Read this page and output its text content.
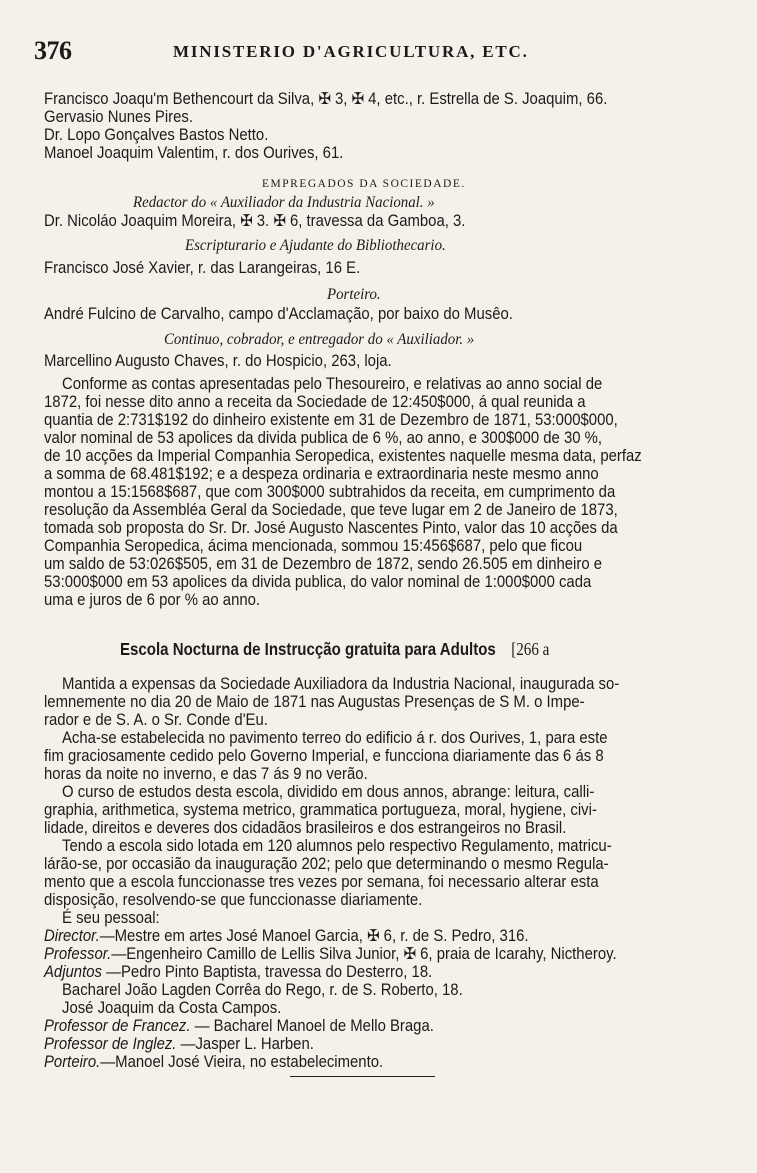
376	MINISTERIO D'AGRICULTURA, ETC.
Francisco Joaqu'm Bethencourt da Silva, ✠ 3, ✠ 4, etc., r. Estrella de S. Joaquim, 66.
Gervasio Nunes Pires.
Dr. Lopo Gonçalves Bastos Netto.
Manoel Joaquim Valentim, r. dos Ourives, 61.
EMPREGADOS DA SOCIEDADE.
Redactor do « Auxiliador da Industria Nacional. »
Dr. Nicoláo Joaquim Moreira, ✠ 3. ✠ 6, travessa da Gamboa, 3.
Escripturario e Ajudante do Bibliothecario.
Francisco José Xavier, r. das Larangeiras, 16 E.
Porteiro.
André Fulcino de Carvalho, campo d'Acclamação, por baixo do Musêo.
Continuo, cobrador, e entregador do « Auxiliador. »
Marcellino Augusto Chaves, r. do Hospicio, 263, loja.
Conforme as contas apresentadas pelo Thesoureiro, e relativas ao anno social de
1872, foi nesse dito anno a receita da Sociedade de 12:450$000, á qual reunida a
quantia de 2:731$192 do dinheiro existente em 31 de Dezembro de 1871, 53:000$000,
valor nominal de 53 apolices da divida publica de 6 %, ao anno, e 300$000 de 30 %,
de 10 acções da Imperial Companhia Seropedica, existentes naquelle mesma data, perfaz
a somma de 68.481$192; e a despeza ordinaria e extraordinaria neste mesmo anno
montou a 15:1568$687, que com 300$000 subtrahidos da receita, em cumprimento da
resolução da Assembléa Geral da Sociedade, que teve lugar em 2 de Janeiro de 1873,
tomada sob proposta do Sr. Dr. José Augusto Nascentes Pinto, valor das 10 acções da
Companhia Seropedica, ácima mencionada, sommou 15:456$687, pelo que ficou
um saldo de 53:026$505, em 31 de Dezembro de 1872, sendo 26.505 em dinheiro e
53:000$000 em 53 apolices da divida publica, do valor nominal de 1:000$000 cada
uma e juros de 6 por % ao anno.
Escola Nocturna de Instrucção gratuita para Adultos [266 a
Mantida a expensas da Sociedade Auxiliadora da Industria Nacional, inaugurada so-
lemnemente no dia 20 de Maio de 1871 nas Augustas Presenças de S M. o Impe-
rador e de S. A. o Sr. Conde d'Eu.
Acha-se estabelecida no pavimento terreo do edificio á r. dos Ourives, 1, para este
fim graciosamente cedido pelo Governo Imperial, e funcciona diariamente das 6 ás 8
horas da noite no inverno, e das 7 ás 9 no verão.
O curso de estudos desta escola, dividido em dous annos, abrange: leitura, calli-
graphia, arithmetica, systema metrico, grammatica portugueza, moral, hygiene, civi-
lidade, direitos e deveres dos cidadãos brasileiros e dos estrangeiros no Brasil.
Tendo a escola sido lotada em 120 alumnos pelo respectivo Regulamento, matricu-
lárão-se, por occasião da inauguração 202; pelo que determinando o mesmo Regula-
mento que a escola funccionasse tres vezes por semana, foi necessario alterar esta
disposição, resolvendo-se que funccionasse diariamente.
É seu pessoal:
Director.—Mestre em artes José Manoel Garcia, ✠ 6, r. de S. Pedro, 316.
Professor.—Engenheiro Camillo de Lellis Silva Junior, ✠ 6, praia de Icarahy, Nictheroy.
Adjuntos —Pedro Pinto Baptista, travessa do Desterro, 18.
Bacharel João Lagden Corrêa do Rego, r. de S. Roberto, 18.
José Joaquim da Costa Campos.
Professor de Francez. — Bacharel Manoel de Mello Braga.
Professor de Inglez. —Jasper L. Harben.
Porteiro.—Manoel José Vieira, no estabelecimento.
